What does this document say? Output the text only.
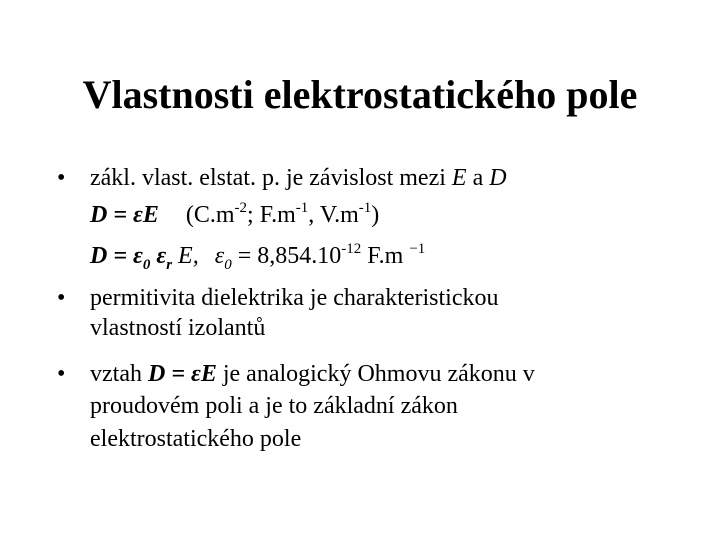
Vlastnosti elektrostatického pole
• zákl. vlast. elstat. p. je závislost mezi E a D
D = εE ($C.m^{-2}$; $F.m^{-1}$, $V.m^{-1}$)
$D = \varepsilon_0$ $\varepsilon_r$ E, $\varepsilon_0 = 8,854.10^{-12}$ F.m $^{-1}$
• permitivita dielektrika je charakteristickou
vlastností izolantů
• vztah D = εE je analogický Ohmovu zákonu v
proudovém poli a je to základní zákon
elektrostatického pole
